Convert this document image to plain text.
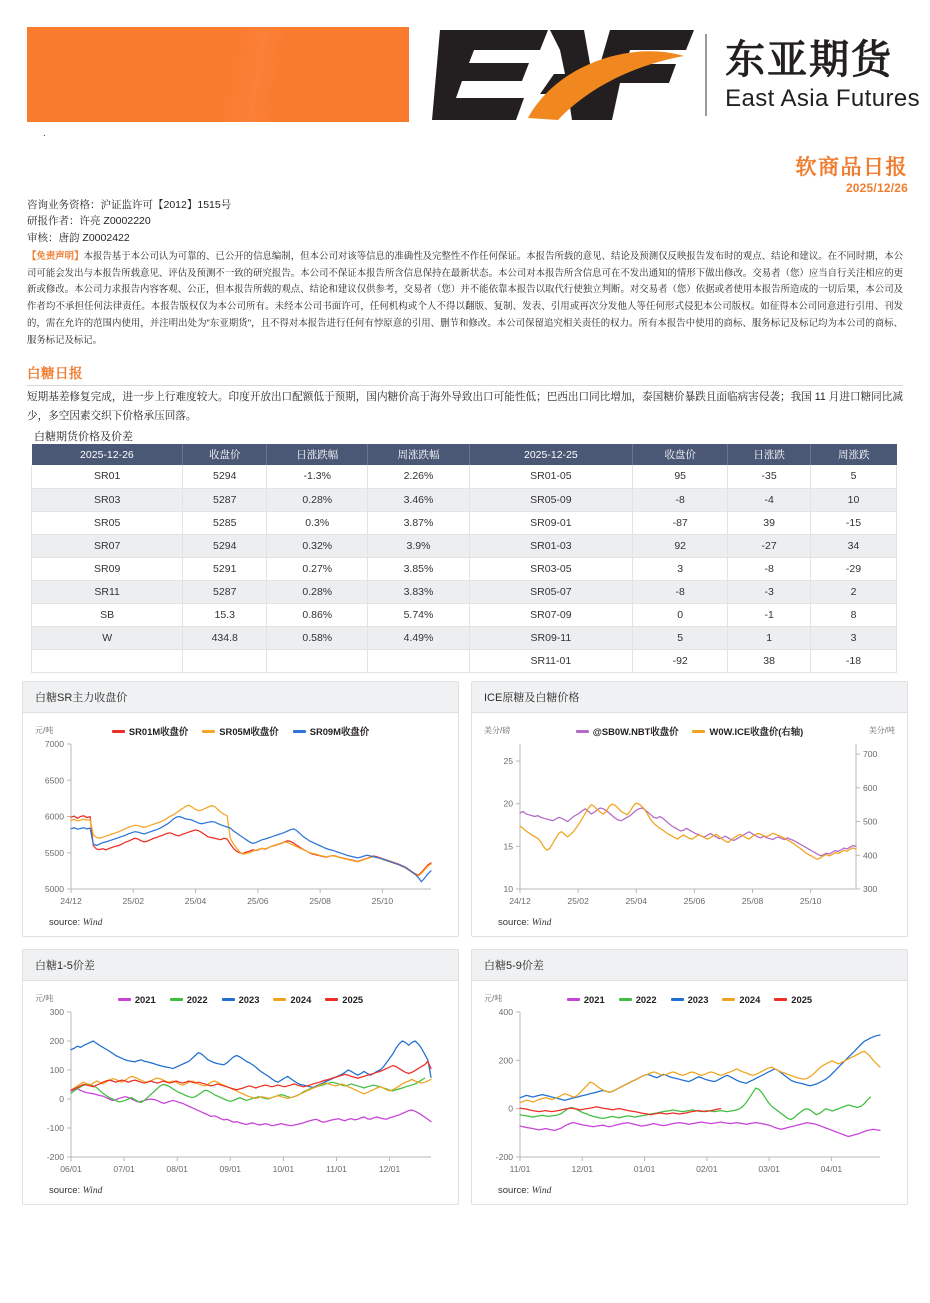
东亚期货
East Asia Futures
.
软商品日报
2025/12/26
咨询业务资格：沪证监许可【2012】1515号
研报作者：许亮 Z0002220
审核：唐韵 Z0002422
【免责声明】本报告基于本公司认为可靠的、已公开的信息编制，但本公司对该等信息的准确性及完整性不作任何保证。本报告所载的意见、结论及预测仅反映报告发布时的观点、结论和建议。在不同时期，本公司可能会发出与本报告所载意见、评估及预测不一致的研究报告。本公司不保证本报告所含信息保持在最新状态。本公司对本报告所含信息可在不发出通知的情形下做出修改。交易者（您）应当自行关注相应的更新或修改。本公司力求报告内容客观、公正，但本报告所载的观点、结论和建议仅供参考，交易者（您）并不能依靠本报告以取代行使独立判断。对交易者（您）依据或者使用本报告所造成的一切后果，本公司及作者均不承担任何法律责任。本报告版权仅为本公司所有。未经本公司书面许可，任何机构或个人不得以翻版、复制、发表、引用或再次分发他人等任何形式侵犯本公司版权。如征得本公司同意进行引用、刊发的，需在允许的范围内使用，并注明出处为"东亚期货"，且不得对本报告进行任何有悖原意的引用、删节和修改。本公司保留追究相关责任的权力。所有本报告中使用的商标、服务标记及标记均为本公司的商标、服务标记及标记。
白糖日报
短期基差修复完成，进一步上行难度较大。印度开放出口配额低于预期，国内糖价高于海外导致出口可能性低；巴西出口同比增加，泰国糖价暴跌且面临病害侵袭；我国 11 月进口糖同比减少，多空因素交织下价格承压回落。
白糖期货价格及价差
2025-12-26	收盘价	日涨跌幅	周涨跌幅	2025-12-25	收盘价	日涨跌	周涨跌
SR01	5294	-1.3%	2.26%	SR01-05	95	-35	5
SR03	5287	0.28%	3.46%	SR05-09	-8	-4	10
SR05	5285	0.3%	3.87%	SR09-01	-87	39	-15
SR07	5294	0.32%	3.9%	SR01-03	92	-27	34
SR09	5291	0.27%	3.85%	SR03-05	3	-8	-29
SR11	5287	0.28%	3.83%	SR05-07	-8	-3	2
SB	15.3	0.86%	5.74%	SR07-09	0	-1	8
W	434.8	0.58%	4.49%	SR09-11	5	1	3
				SR11-01	-92	38	-18
白糖SR主力收盘价
SR01M收盘价	SR05M收盘价	SR09M收盘价
元/吨
5000
5500
6000
6500
7000
24/12	25/02	25/04	25/06	25/08	25/10
source: Wind
ICE原糖及白糖价格
@SB0W.NBT收盘价	W0W.ICE收盘价(右轴)
美分/磅	美分/吨
10
15
20
25
300
400
500
600
700
24/12	25/02	25/04	25/06	25/08	25/10
source: Wind
白糖1-5价差
2021	2022	2023	2024	2025
元/吨
-200
-100
0
100
200
300
06/01	07/01	08/01	09/01	10/01	11/01	12/01
source: Wind
白糖5-9价差
2021	2022	2023	2024	2025
元/吨
-200
0
200
400
11/01	12/01	01/01	02/01	03/01	04/01
source: Wind
